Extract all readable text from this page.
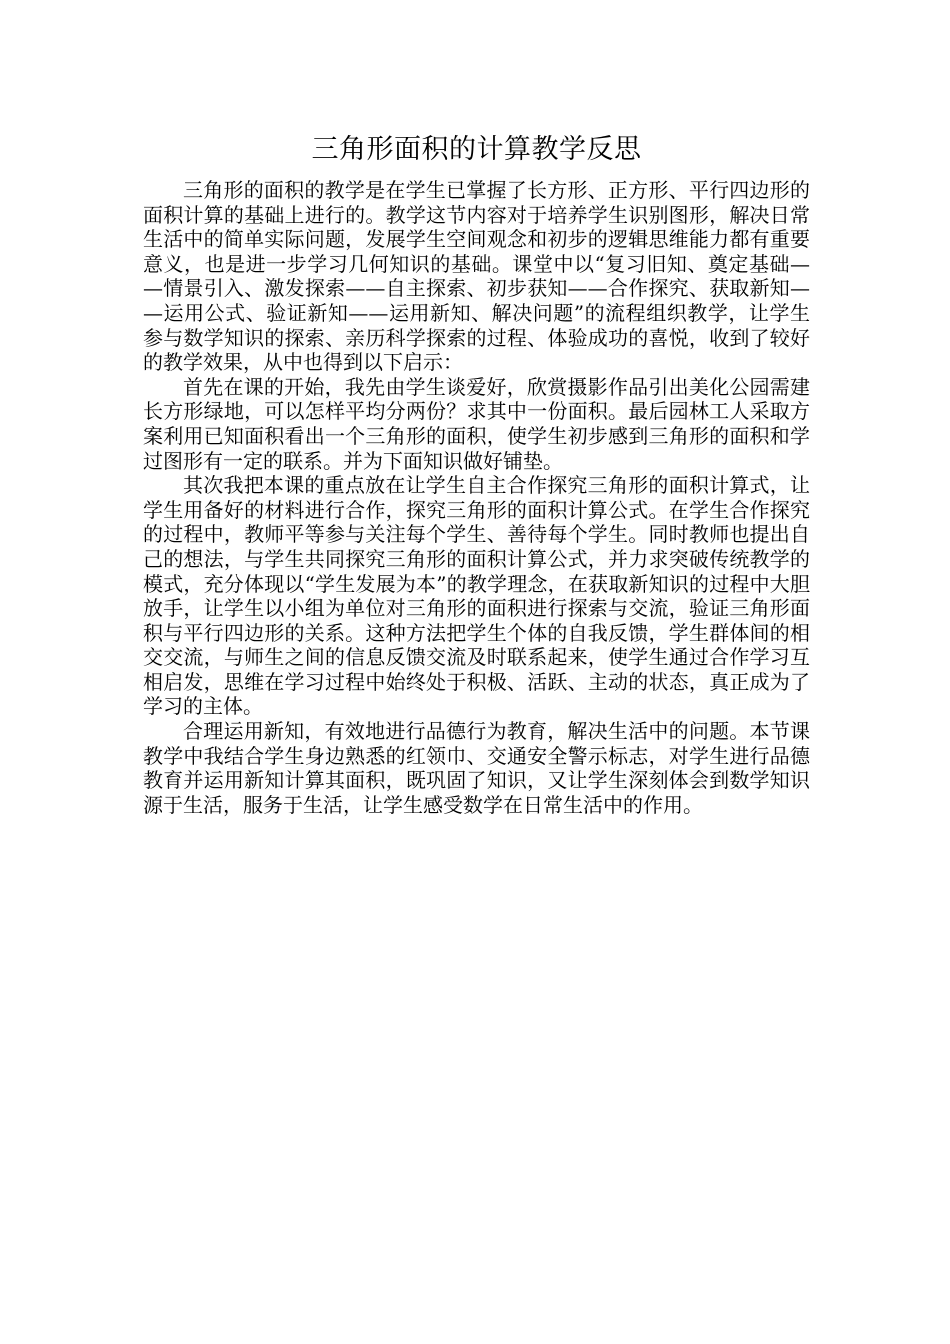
三角形面积的计算教学反思

三角形的面积的教学是在学生已掌握了长方形、正方形、平行四边形的面积计算的基础上进行的。教学这节内容对于培养学生识别图形，解决日常生活中的简单实际问题，发展学生空间观念和初步的逻辑思维能力都有重要意义，也是进一步学习几何知识的基础。课堂中以“复习旧知、奠定基础——情景引入、激发探索——自主探索、初步获知——合作探究、获取新知——运用公式、验证新知——运用新知、解决问题”的流程组织教学，让学生参与数学知识的探索、亲历科学探索的过程、体验成功的喜悦，收到了较好的教学效果，从中也得到以下启示：

首先在课的开始，我先由学生谈爱好，欣赏摄影作品引出美化公园需建长方形绿地，可以怎样平均分两份？求其中一份面积。最后园林工人采取方案利用已知面积看出一个三角形的面积，使学生初步感到三角形的面积和学过图形有一定的联系。并为下面知识做好铺垫。

其次我把本课的重点放在让学生自主合作探究三角形的面积计算式，让学生用备好的材料进行合作，探究三角形的面积计算公式。在学生合作探究的过程中，教师平等参与关注每个学生、善待每个学生。同时教师也提出自己的想法，与学生共同探究三角形的面积计算公式，并力求突破传统教学的模式，充分体现以“学生发展为本”的教学理念，在获取新知识的过程中大胆放手，让学生以小组为单位对三角形的面积进行探索与交流，验证三角形面积与平行四边形的关系。这种方法把学生个体的自我反馈，学生群体间的相交交流，与师生之间的信息反馈交流及时联系起来，使学生通过合作学习互相启发，思维在学习过程中始终处于积极、活跃、主动的状态，真正成为了学习的主体。

合理运用新知，有效地进行品德行为教育，解决生活中的问题。本节课教学中我结合学生身边熟悉的红领巾、交通安全警示标志，对学生进行品德教育并运用新知计算其面积，既巩固了知识，又让学生深刻体会到数学知识源于生活，服务于生活，让学生感受数学在日常生活中的作用。
